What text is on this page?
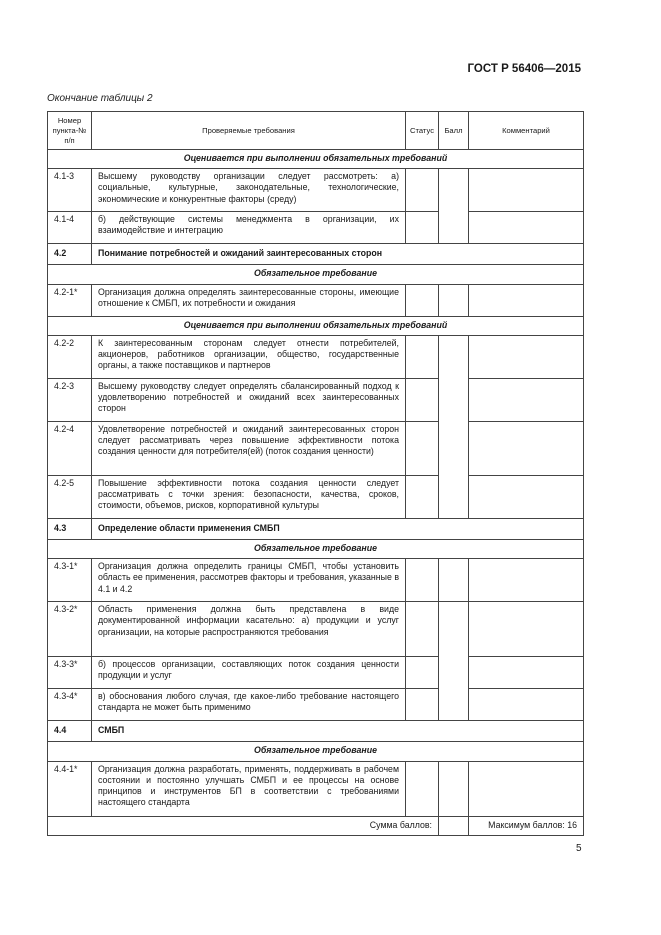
ГОСТ Р 56406—2015
Окончание таблицы 2
Номер пункта-№ п/п	Проверяемые требования	Статус	Балл	Комментарий
Оценивается при выполнении обязательных требований				
4.1-3	Высшему руководству организации следует рассмотреть: а) социальные, культурные, законодательные, технологические, экономические и конкурентные факторы (среду)			
4.1-4	б) действующие системы менеджмента в организации, их взаимодействие и интеграцию			
4.2	Понимание потребностей и ожиданий заинтересованных сторон			
Обязательное требование				
4.2-1*	Организация должна определять заинтересованные стороны, имеющие отношение к СМБП, их потребности и ожидания			
Оценивается при выполнении обязательных требований				
4.2-2	К заинтересованным сторонам следует отнести потребителей, акционеров, работников организации, общество, государственные органы, а также поставщиков и партнеров			
4.2-3	Высшему руководству следует определять сбалансированный подход к удовлетворению потребностей и ожиданий всех заинтересованных сторон			
4.2-4	Удовлетворение потребностей и ожиданий заинтересованных сторон следует рассматривать через повышение эффективности потока создания ценности для потребителя(ей) (поток создания ценности)			
4.2-5	Повышение эффективности потока создания ценности следует рассматривать с точки зрения: безопасности, качества, сроков, стоимости, объемов, рисков, корпоративной культуры			
4.3	Определение области применения СМБП			
Обязательное требование				
4.3-1*	Организация должна определить границы СМБП, чтобы установить область ее применения, рассмотрев факторы и требования, указанные в 4.1 и 4.2			
4.3-2*	Область применения должна быть представлена в виде документированной информации касательно: а) продукции и услуг организации, на которые распространяются требования			
4.3-3*	б) процессов организации, составляющих поток создания ценности продукции и услуг			
4.3-4*	в) обоснования любого случая, где какое-либо требование настоящего стандарта не может быть применимо			
4.4	СМБП			
Обязательное требование				
4.4-1*	Организация должна разработать, применять, поддерживать в рабочем состоянии и постоянно улучшать СМБП и ее процессы на основе принципов и инструментов БП в соответствии с требованиями настоящего стандарта			
Сумма баллов:				Максимум баллов: 16
5
